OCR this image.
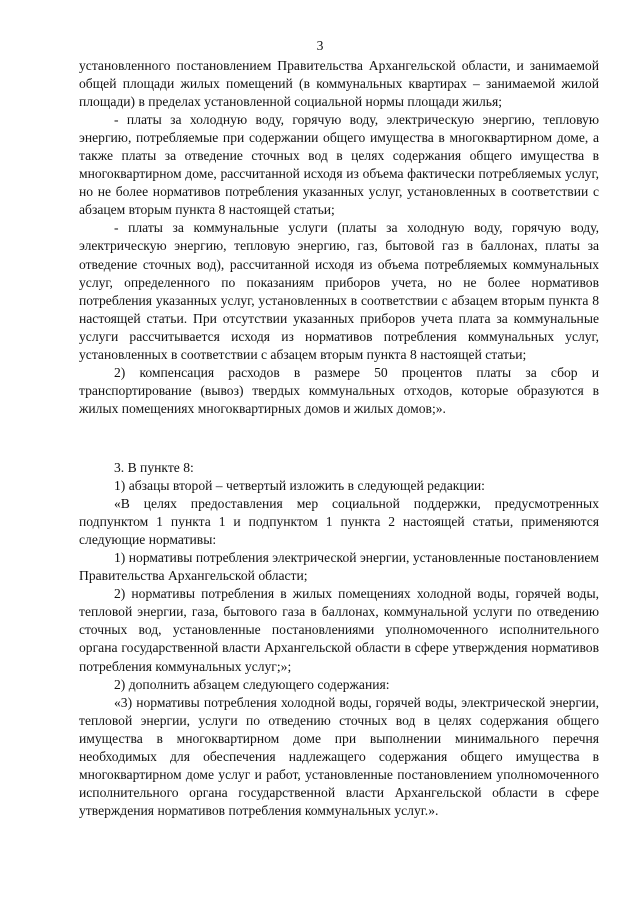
3

установленного постановлением Правительства Архангельской области, и занимаемой общей площади жилых помещений (в коммунальных квартирах – занимаемой жилой площади) в пределах установленной социальной нормы площади жилья;

- платы за холодную воду, горячую воду, электрическую энергию, тепловую энергию, потребляемые при содержании общего имущества в многоквартирном доме, а также платы за отведение сточных вод в целях содержания общего имущества в многоквартирном доме, рассчитанной исходя из объема фактически потребляемых услуг, но не более нормативов потребления указанных услуг, установленных в соответствии с абзацем вторым пункта 8 настоящей статьи;

- платы за коммунальные услуги (платы за холодную воду, горячую воду, электрическую энергию, тепловую энергию, газ, бытовой газ в баллонах, платы за отведение сточных вод), рассчитанной исходя из объема потребляемых коммунальных услуг, определенного по показаниям приборов учета, но не более нормативов потребления указанных услуг, установленных в соответствии с абзацем вторым пункта 8 настоящей статьи. При отсутствии указанных приборов учета плата за коммунальные услуги рассчитывается исходя из нормативов потребления коммунальных услуг, установленных в соответствии с абзацем вторым пункта 8 настоящей статьи;

2) компенсация расходов в размере 50 процентов платы за сбор и транспортирование (вывоз) твердых коммунальных отходов, которые образуются в жилых помещениях многоквартирных домов и жилых домов;».

3. В пункте 8:

1) абзацы второй – четвертый изложить в следующей редакции:

«В целях предоставления мер социальной поддержки, предусмотренных подпунктом 1 пункта 1 и подпунктом 1 пункта 2 настоящей статьи, применяются следующие нормативы:

1) нормативы потребления электрической энергии, установленные постановлением Правительства Архангельской области;

2) нормативы потребления в жилых помещениях холодной воды, горячей воды, тепловой энергии, газа, бытового газа в баллонах, коммунальной услуги по отведению сточных вод, установленные постановлениями уполномоченного исполнительного органа государственной власти Архангельской области в сфере утверждения нормативов потребления коммунальных услуг;»;

2) дополнить абзацем следующего содержания:

«3) нормативы потребления холодной воды, горячей воды, электрической энергии, тепловой энергии, услуги по отведению сточных вод в целях содержания общего имущества в многоквартирном доме при выполнении минимального перечня необходимых для обеспечения надлежащего содержания общего имущества в многоквартирном доме услуг и работ, установленные постановлением уполномоченного исполнительного органа государственной власти Архангельской области в сфере утверждения нормативов потребления коммунальных услуг.».
